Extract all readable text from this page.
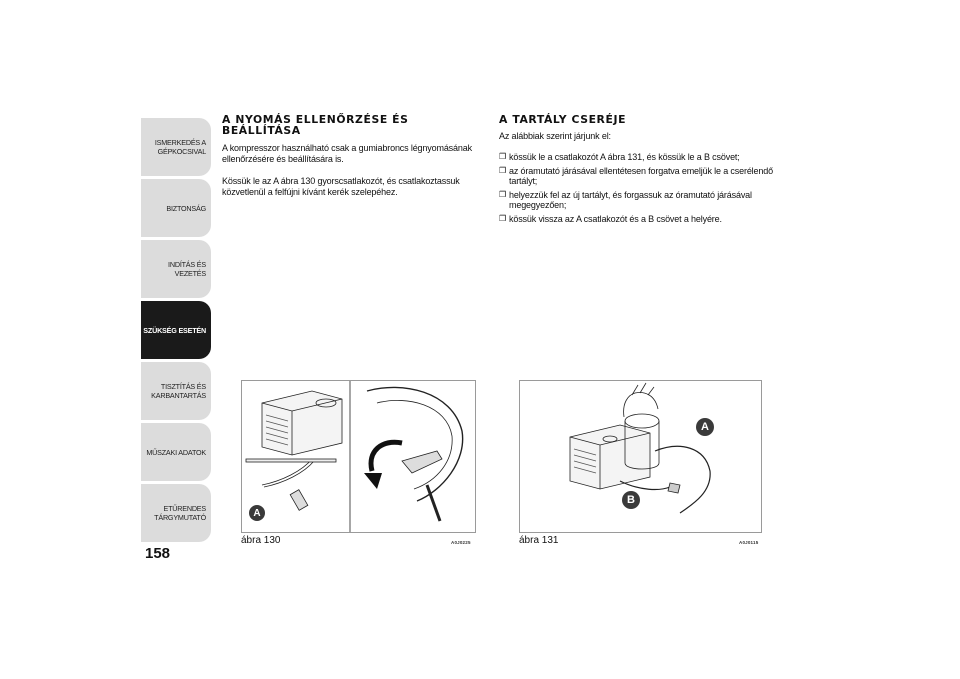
ISMERKEDÉS A
GÉPKOCSIVAL
BIZTONSÁG
INDÍTÁS ÉS VEZETÉS
SZÜKSÉG ESETÉN
TISZTÍTÁS ÉS
KARBANTARTÁS
MŰSZAKI ADATOK
ETŰRENDES
TÁRGYMUTATÓ
158
A NYOMÁS ELLENŐRZÉSE ÉS
BEÁLLÍTÁSA

A kompresszor használható csak a gumiabroncs légnyomásának ellenőrzésére és beállítására is.

Kössük le az A ábra 130 gyorscsatlakozót, és csatlakoztassuk közvetlenül a felfújni kívánt kerék szelepéhez.

A TARTÁLY CSERÉJE

Az alábbiak szerint járjunk el:

❒ kössük le a csatlakozót A ábra 131, és kössük le a B csövet;
❒ az óramutató járásával ellentétesen forgatva emeljük le a cserélendő tartályt;
❒ helyezzük fel az új tartályt, és forgassuk az óramutató járásával megegyezően;
❒ kössük vissza az A csatlakozót és a B csövet a helyére.
A
ábra 130	A0J0225
A
B
ábra 131	A0J0115
